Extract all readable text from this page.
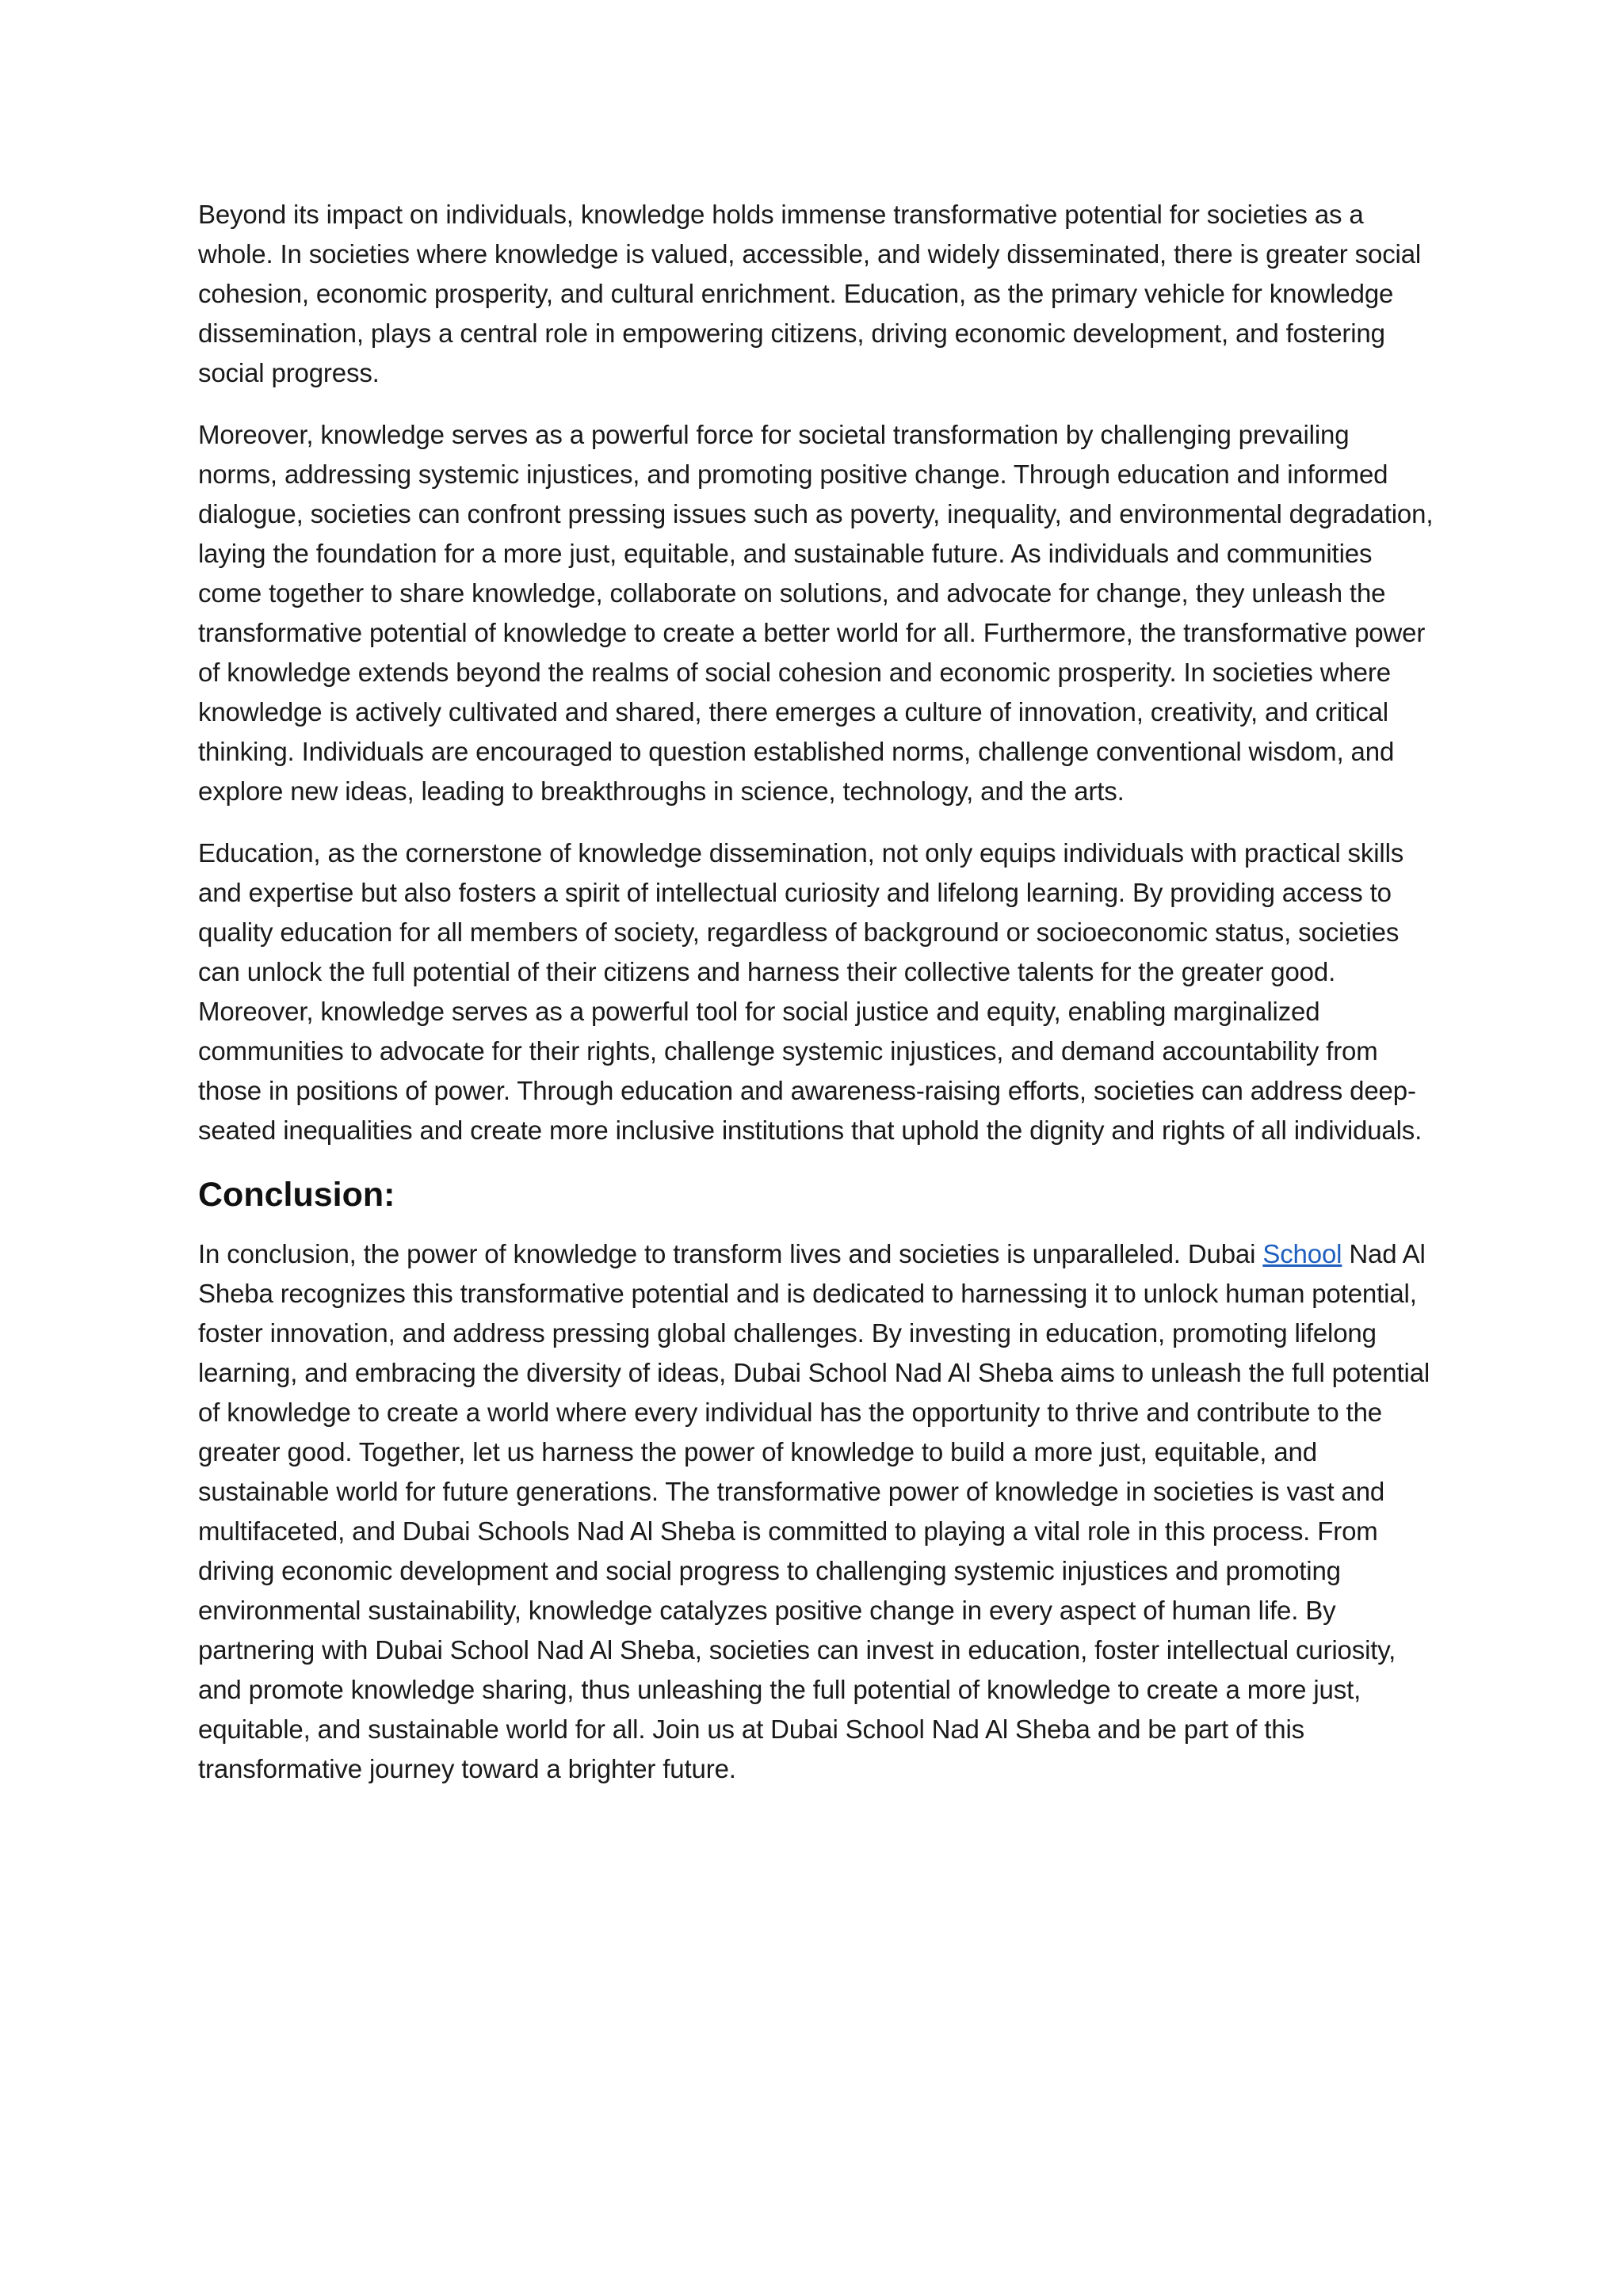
Beyond its impact on individuals, knowledge holds immense transformative potential for societies as a whole. In societies where knowledge is valued, accessible, and widely disseminated, there is greater social cohesion, economic prosperity, and cultural enrichment. Education, as the primary vehicle for knowledge dissemination, plays a central role in empowering citizens, driving economic development, and fostering social progress.

Moreover, knowledge serves as a powerful force for societal transformation by challenging prevailing norms, addressing systemic injustices, and promoting positive change. Through education and informed dialogue, societies can confront pressing issues such as poverty, inequality, and environmental degradation, laying the foundation for a more just, equitable, and sustainable future. As individuals and communities come together to share knowledge, collaborate on solutions, and advocate for change, they unleash the transformative potential of knowledge to create a better world for all. Furthermore, the transformative power of knowledge extends beyond the realms of social cohesion and economic prosperity. In societies where knowledge is actively cultivated and shared, there emerges a culture of innovation, creativity, and critical thinking. Individuals are encouraged to question established norms, challenge conventional wisdom, and explore new ideas, leading to breakthroughs in science, technology, and the arts.

Education, as the cornerstone of knowledge dissemination, not only equips individuals with practical skills and expertise but also fosters a spirit of intellectual curiosity and lifelong learning. By providing access to quality education for all members of society, regardless of background or socioeconomic status, societies can unlock the full potential of their citizens and harness their collective talents for the greater good. Moreover, knowledge serves as a powerful tool for social justice and equity, enabling marginalized communities to advocate for their rights, challenge systemic injustices, and demand accountability from those in positions of power. Through education and awareness-raising efforts, societies can address deep-seated inequalities and create more inclusive institutions that uphold the dignity and rights of all individuals.

Conclusion:

In conclusion, the power of knowledge to transform lives and societies is unparalleled. Dubai School Nad Al Sheba recognizes this transformative potential and is dedicated to harnessing it to unlock human potential, foster innovation, and address pressing global challenges. By investing in education, promoting lifelong learning, and embracing the diversity of ideas, Dubai School Nad Al Sheba aims to unleash the full potential of knowledge to create a world where every individual has the opportunity to thrive and contribute to the greater good. Together, let us harness the power of knowledge to build a more just, equitable, and sustainable world for future generations. The transformative power of knowledge in societies is vast and multifaceted, and Dubai Schools Nad Al Sheba is committed to playing a vital role in this process. From driving economic development and social progress to challenging systemic injustices and promoting environmental sustainability, knowledge catalyzes positive change in every aspect of human life. By partnering with Dubai School Nad Al Sheba, societies can invest in education, foster intellectual curiosity, and promote knowledge sharing, thus unleashing the full potential of knowledge to create a more just, equitable, and sustainable world for all. Join us at Dubai School Nad Al Sheba and be part of this transformative journey toward a brighter future.
